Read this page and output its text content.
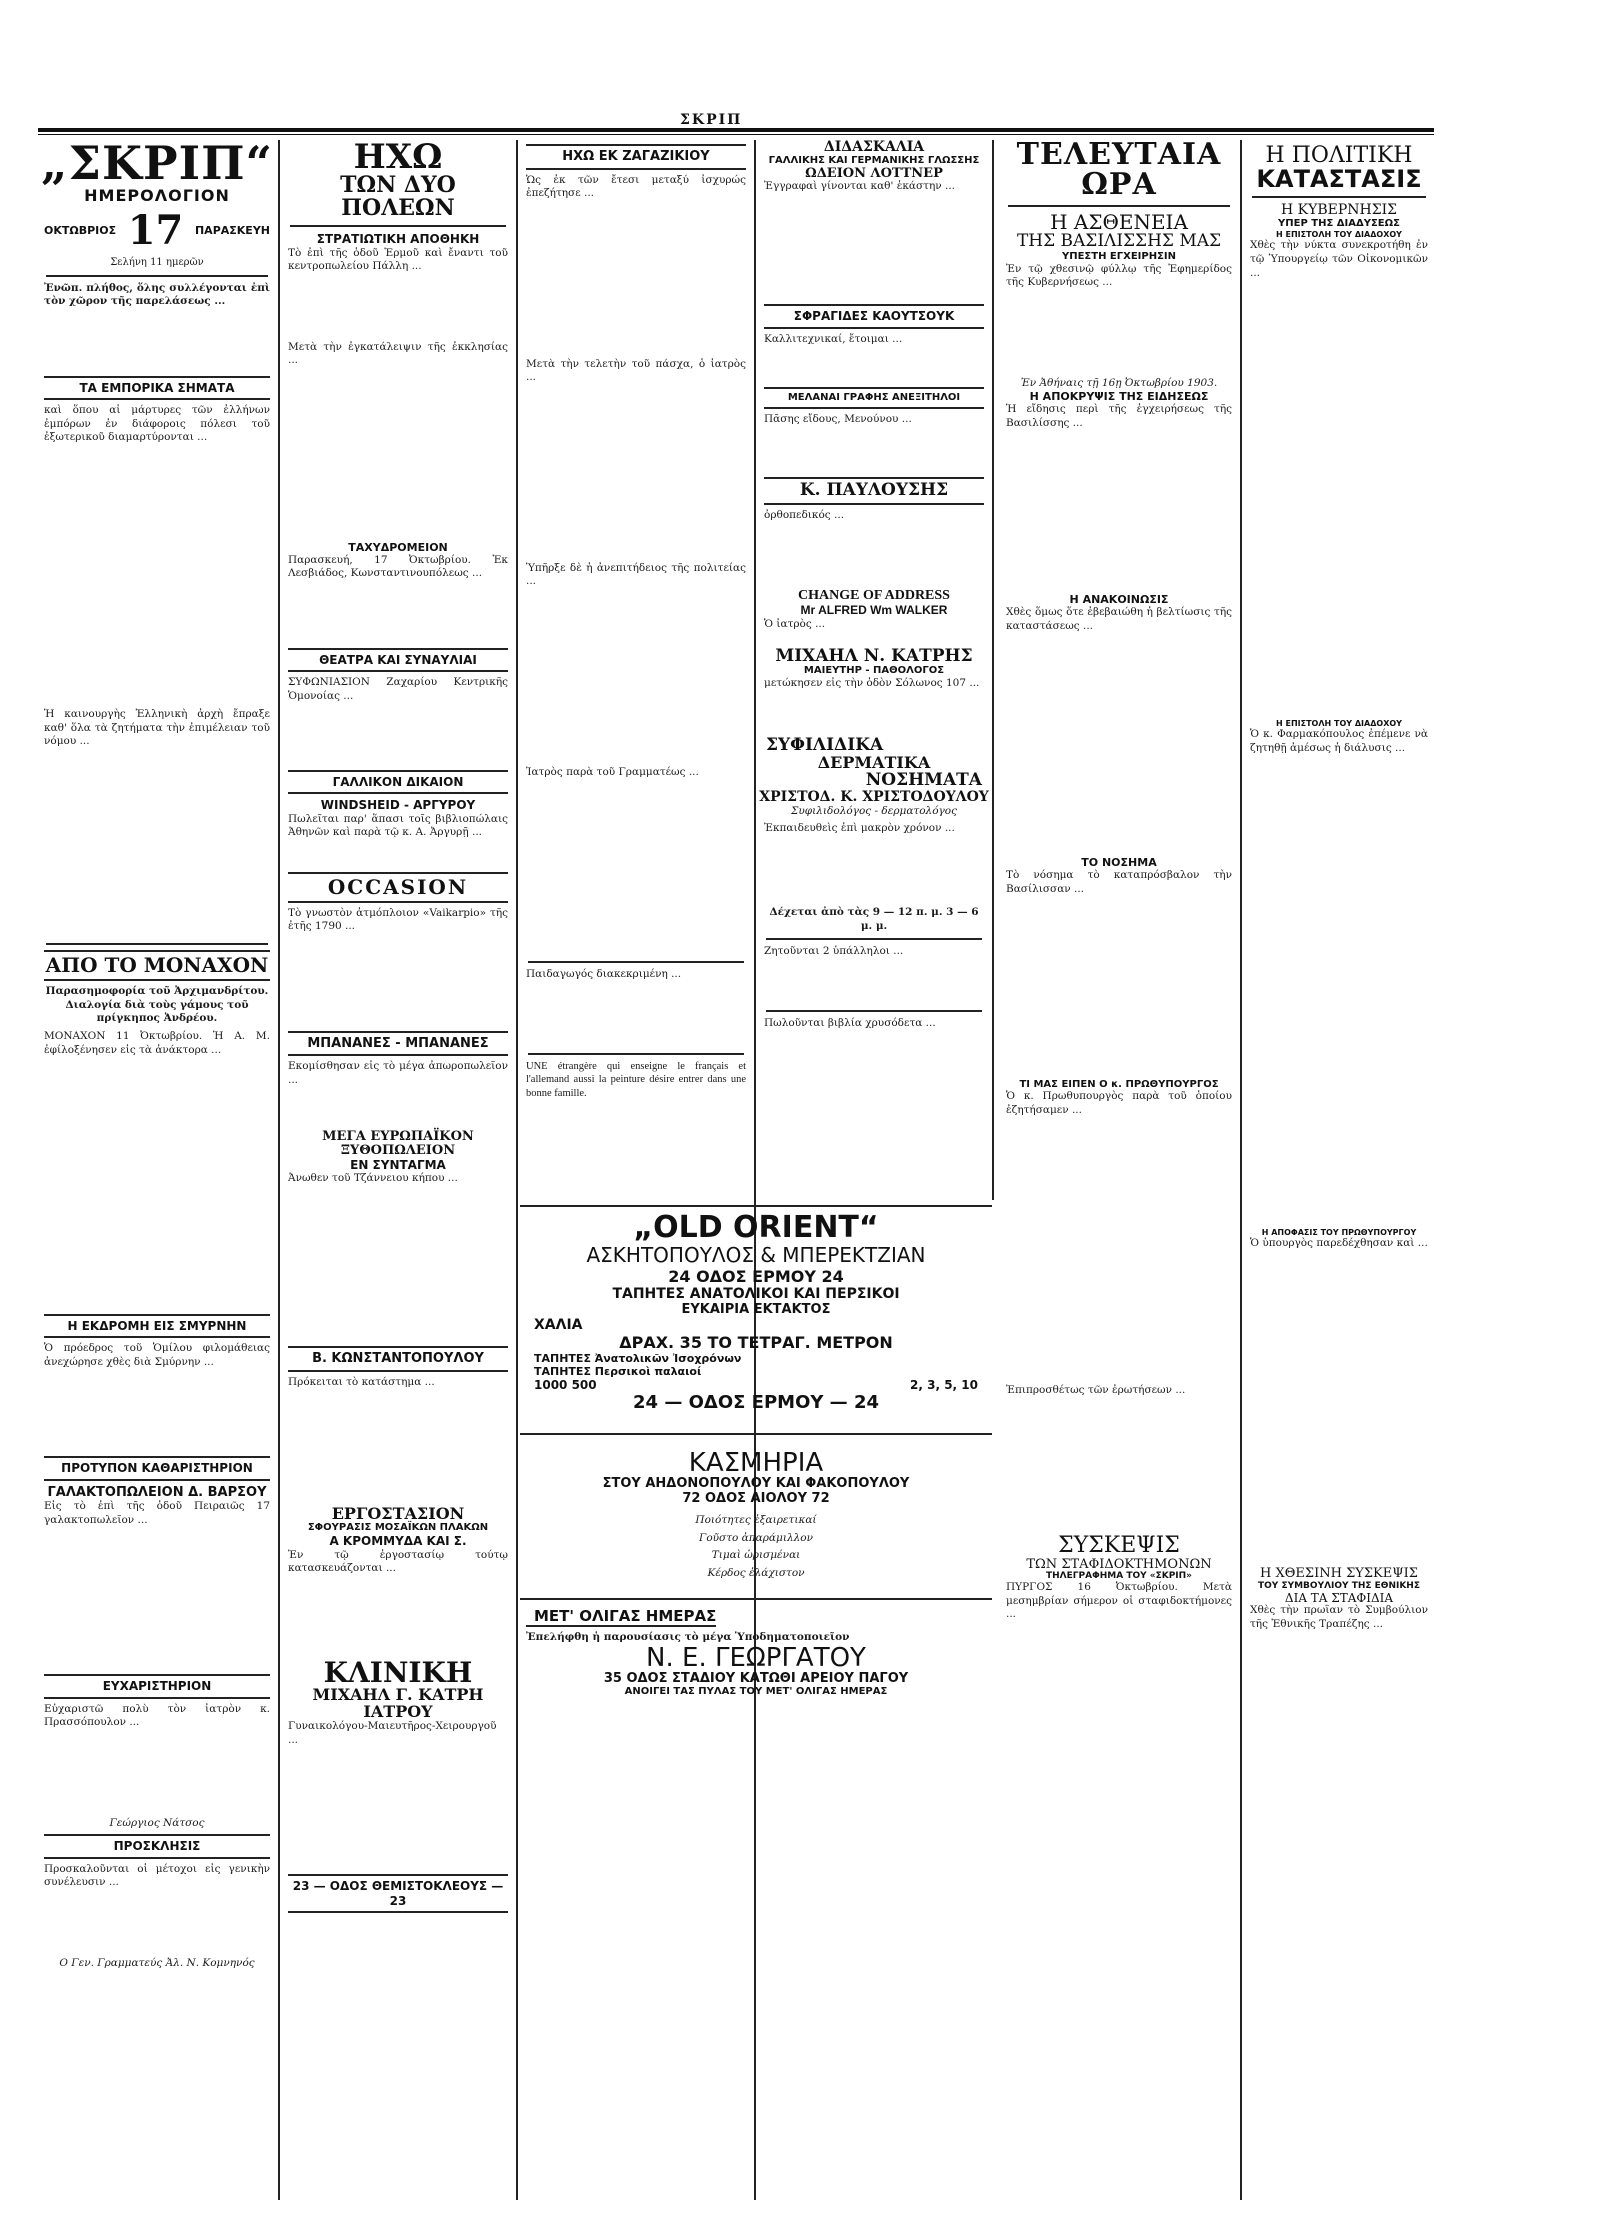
ΣΚΡΙΠ
„ΣΚΡΙΠ“
ΗΜΕΡΟΛΟΓΙΟΝ
ΟΚΤΩΒΡΙΟΣ 17 ΠΑΡΑΣΚΕΥΗ
Σελήνη 11 ημερῶν
Ἐνῶπ. πλήθος, ὅλης συλλέγονται ἐπὶ τὸν χῶρον τῆς παρελάσεως ...
ΤΑ ΕΜΠΟΡΙΚΑ ΣΗΜΑΤΑ
καὶ ὅπου αἱ μάρτυρες τῶν ἐλλήνων ἐμπόρων ἐν διάφοροις πόλεσι τοῦ ἐξωτερικοῦ διαμαρτύρονται ...
Ἡ καινουργὴς Ἑλληνικὴ ἀρχὴ ἔπραξε καθ' ὅλα τὰ ζητήματα τὴν ἐπιμέλειαν τοῦ νόμου ...
ΑΠΟ ΤΟ ΜΟΝΑΧΟΝ
Παρασημοφορία τοῦ Ἀρχιμανδρίτου. Διαλογία διὰ τοὺς γάμους τοῦ πρίγκηπος Ἀνδρέου.
ΜΟΝΑΧΟΝ 11 Ὀκτωβρίου. Ἡ Α. Μ. ἐφίλοξένησεν εἰς τὰ ἀνάκτορα ...
Η ΕΚΔΡΟΜΗ ΕΙΣ ΣΜΥΡΝΗΝ
Ὁ πρόεδρος τοῦ Ὁμίλου φιλομάθειας ἀνεχώρησε χθὲς διὰ Σμύρνην ...
ΠΡΟΤΥΠΟΝ ΚΑΘΑΡΙΣΤΗΡΙΟΝ
ΓΑΛΑΚΤΟΠΩΛΕΙΟΝ Δ. ΒΑΡΣΟΥ
Εἰς τὸ ἐπὶ τῆς ὁδοῦ Πειραιῶς 17 γαλακτοπωλεῖον ...
ΕΥΧΑΡΙΣΤΗΡΙΟΝ
Εὐχαριστῶ πολὺ τὸν ἰατρὸν κ. Πρασσόπουλον ...
Γεώργιος Νάτσος
ΠΡΟΣΚΛΗΣΙΣ
Προσκαλοῦνται οἱ μέτοχοι εἰς γενικὴν συνέλευσιν ...
Ο Γεν. Γραμματεύς Ἀλ. Ν. Κομνηνός
ΗΧΩ
ΤΩΝ ΔΥΟ ΠΟΛΕΩΝ
ΣΤΡΑΤΙΩΤΙΚΗ ΑΠΟΘΗΚΗ
Τὸ ἐπὶ τῆς ὁδοῦ Ἑρμοῦ καὶ ἔναντι τοῦ κεντροπωλείου Πάλλη ...
Μετὰ τὴν ἐγκατάλειψιν τῆς ἐκκλησίας ...
ΤΑΧΥΔΡΟΜΕΙΟΝ
Παρασκευή, 17 Ὀκτωβρίου. Ἐκ Λεσβιάδος, Κωνσταντινουπόλεως ...
ΘΕΑΤΡΑ ΚΑΙ ΣΥΝΑΥΛΙΑΙ
ΣΥΦΩΝΙΑΣΙΟΝ Ζαχαρίου Κεντρικῆς Ὁμονοίας ...
ΓΑΛΛΙΚΟΝ ΔΙΚΑΙΟΝ
WINDSHEID - ΑΡΓΥΡΟΥ
Πωλεῖται παρ' ἅπασι τοῖς βιβλιοπώλαις Ἀθηνῶν καὶ παρὰ τῷ κ. Α. Ἀργυρῇ ...
OCCASION
Τὸ γνωστὸν ἀτμόπλοιον «Vaikarpio» τῆς ἐτῆς 1790 ...
ΜΠΑΝΑΝΕΣ - ΜΠΑΝΑΝΕΣ
Εκομίσθησαν εἰς τὸ μέγα ἀπωροπωλεῖον ...
ΜΕΓΑ ΕΥΡΩΠΑΪΚΟΝ ΞΥΘΟΠΩΛΕΙΟΝ
ΕΝ ΣΥΝΤΑΓΜΑ
Ἀνωθεν τοῦ Τζάννειου κήπου ...
Β. ΚΩΝΣΤΑΝΤΟΠΟΥΛΟΥ
Πρόκειται τὸ κατάστημα ...
ΕΡΓΟΣΤΑΣΙΟΝ
ΣΦΟΥΡΑΣΙΣ ΜΟΣΑΪΚΩΝ ΠΛΑΚΩΝ
Α ΚΡΟΜΜΥΔΑ ΚΑΙ Σ.
Ἐν τῷ ἐργοστασίῳ τούτῳ κατασκευάζονται ...
ΚΛΙΝΙΚΗ
ΜΙΧΑΗΛ Γ. ΚΑΤΡΗ
ΙΑΤΡΟΥ
Γυναικολόγου-Μαιευτῆρος-Χειρουργοῦ ...
23 — ΟΔΟΣ ΘΕΜΙΣΤΟΚΛΕΟΥΣ — 23
ΗΧΩ ΕΚ ΖΑΓΑΖΙΚΙΟΥ
Ὡς ἐκ τῶν ἔτεσι μεταξύ ἰσχυρώς ἐπεζήτησε ...
Μετὰ τὴν τελετὴν τοῦ πάσχα, ὁ ἰατρὸς ...
Ὑπῆρξε δὲ ἡ ἀνεπιτήδειος τῆς πολιτείας ...
Ἰατρὸς παρὰ τοῦ Γραμματέως ...
Παιδαγωγός διακεκριμένη ...
UNE étrangère qui enseigne le français et l'allemand aussi la peinture désire entrer dans une bonne famille.
ΔΙΔΑΣΚΑΛΙΑ
ΓΑΛΛΙΚΗΣ ΚΑΙ ΓΕΡΜΑΝΙΚΗΣ ΓΛΩΣΣΗΣ
ΩΔΕΙΟΝ ΛΟΤΤΝΕΡ
Ἐγγραφαὶ γίνονται καθ' ἑκάστην ...
ΣΦΡΑΓΙΔΕΣ ΚΑΟΥΤΣΟΥΚ
Καλλιτεχνικαί, ἔτοιμαι ...
ΜΕΛΑΝΑΙ ΓΡΑΦΗΣ ΑΝΕΞΙΤΗΛΟΙ
Πᾶσης εἴδους, Μενούνου ...
Κ. ΠΑΥΛΟΥΣΗΣ
ὀρθοπεδικός ...
CHANGE OF ADDRESS
Mr ALFRED Wm WALKER
Ὁ ἰατρὸς ...
ΜΙΧΑΗΛ Ν. ΚΑΤΡΗΣ
ΜΑΙΕΥΤΗΡ - ΠΑΘΟΛΟΓΟΣ
μετώκησεν εἰς τὴν ὁδὸν Σόλωνος 107 ...
ΣΥΦΙΛΙΔΙΚΑ
ΔΕΡΜΑΤΙΚΑ
ΝΟΣΗΜΑΤΑ
ΧΡΙΣΤΟΔ. Κ. ΧΡΙΣΤΟΔΟΥΛΟΥ
Συφιλιδολόγος - δερματολόγος
Ἐκπαιδευθεὶς ἐπὶ μακρὸν χρόνον ...
Δέχεται ἀπὸ τὰς 9 — 12 π. μ. 3 — 6 μ. μ.
Ζητοῦνται 2 ὑπάλληλοι ...
Πωλοῦνται βιβλία χρυσόδετα ...
„OLD ORIENT“
ΑΣΚΗΤΟΠΟΥΛΟΣ & ΜΠΕΡΕΚΤΖΙΑΝ
24 ΟΔΟΣ ΕΡΜΟΥ 24
ΤΑΠΗΤΕΣ ΑΝΑΤΟΛΙΚΟΙ ΚΑΙ ΠΕΡΣΙΚΟΙ
ΕΥΚΑΙΡΙΑ ΕΚΤΑΚΤΟΣ
ΧΑΛΙΑ
ΔΡΑΧ. 35 ΤΟ ΤΕΤΡΑΓ. ΜΕΤΡΟΝ
ΤΑΠΗΤΕΣ Ἀνατολικῶν Ἰσοχρόνων
ΤΑΠΗΤΕΣ Περσικοὶ παλαιοί
1000 500	2, 3, 5, 10
24 — ΟΔΟΣ ΕΡΜΟΥ — 24
ΚΑΣΜΗΡΙΑ
ΣΤΟΥ ΑΗΔΟΝΟΠΟΥΛΟΥ ΚΑΙ ΦΑΚΟΠΟΥΛΟΥ
72 ΟΔΟΣ ΑΙΟΛΟΥ 72
Ποιότητες ἐξαιρετικαί
Γοῦστο ἀπαράμιλλον
Τιμαὶ ὡρισμέναι
Κέρδος ἐλάχιστον
ΜΕΤ' ΟΛΙΓΑΣ ΗΜΕΡΑΣ
Ἐπελήφθη ἡ παρουσίασις τὸ μέγα Ὑποδηματοποιεῖον
Ν. Ε. ΓΕΩΡΓΑΤΟΥ
35 ΟΔΟΣ ΣΤΑΔΙΟΥ ΚΑΤΩΘΙ ΑΡΕΙΟΥ ΠΑΓΟΥ
ΑΝΟΙΓΕΙ ΤΑΣ ΠΥΛΑΣ ΤΟΥ ΜΕΤ' ΟΛΙΓΑΣ ΗΜΕΡΑΣ
ΤΕΛΕΥΤΑΙΑ ΩΡΑ
Η ΑΣΘΕΝΕΙΑ
ΤΗΣ ΒΑΣΙΛΙΣΣΗΣ ΜΑΣ
ΥΠΕΣΤΗ ΕΓΧΕΙΡΗΣΙΝ
Ἐν τῷ χθεσινῷ φύλλῳ τῆς Ἐφημερίδος τῆς Κυβερνήσεως ...
Ἐν Ἀθήναις τῇ 16ῃ Ὀκτωβρίου 1903.
Η ΑΠΟΚΡΥΨΙΣ ΤΗΣ ΕΙΔΗΣΕΩΣ
Ἡ εἴδησις περὶ τῆς ἐγχειρήσεως τῆς Βασιλίσσης ...
Η ΑΝΑΚΟΙΝΩΣΙΣ
Χθὲς ὅμως ὅτε ἐβεβαιώθη ἡ βελτίωσις τῆς καταστάσεως ...
ΤΟ ΝΟΣΗΜΑ
Τὸ νόσημα τὸ καταπρόσβαλον τὴν Βασίλισσαν ...
ΤΙ ΜΑΣ ΕΙΠΕΝ Ο κ. ΠΡΩΘΥΠΟΥΡΓΟΣ
Ὁ κ. Πρωθυπουργὸς παρὰ τοῦ ὁποίου ἐζητήσαμεν ...
Ἐπιπροσθέτως τῶν ἐρωτήσεων ...
ΣΥΣΚΕΨΙΣ
ΤΩΝ ΣΤΑΦΙΔΟΚΤΗΜΟΝΩΝ
ΤΗΛΕΓΡΑΦΗΜΑ ΤΟΥ «ΣΚΡΙΠ»
ΠΥΡΓΟΣ 16 Ὀκτωβρίου. Μετὰ μεσημβρίαν σήμερον οἱ σταφιδοκτήμονες ...
Η ΠΟΛΙΤΙΚΗ
ΚΑΤΑΣΤΑΣΙΣ
Η ΚΥΒΕΡΝΗΣΙΣ
ΥΠΕΡ ΤΗΣ ΔΙΑΔΥΣΕΩΣ
Η ΕΠΙΣΤΟΛΗ ΤΟΥ ΔΙΑΔΟΧΟΥ
Χθὲς τὴν νύκτα συνεκροτήθη ἐν τῷ Ὑπουργείῳ τῶν Οἰκονομικῶν ...
Η ΕΠΙΣΤΟΛΗ ΤΟΥ ΔΙΑΔΟΧΟΥ
Ὁ κ. Φαρμακόπουλος ἐπέμενε νὰ ζητηθῇ ἀμέσως ἡ διάλυσις ...
Η ΑΠΟΦΑΣΙΣ ΤΟΥ ΠΡΩΘΥΠΟΥΡΓΟΥ
Ὁ ὑπουργὸς παρεδέχθησαν καὶ ...
Η ΧΘΕΣΙΝΗ ΣΥΣΚΕΨΙΣ
ΤΟΥ ΣΥΜΒΟΥΛΙΟΥ ΤΗΣ ΕΘΝΙΚΗΣ
ΔΙΑ ΤΑ ΣΤΑΦΙΔΙΑ
Χθὲς τὴν πρωΐαν τὸ Συμβούλιον τῆς Ἐθνικῆς Τραπέζης ...
